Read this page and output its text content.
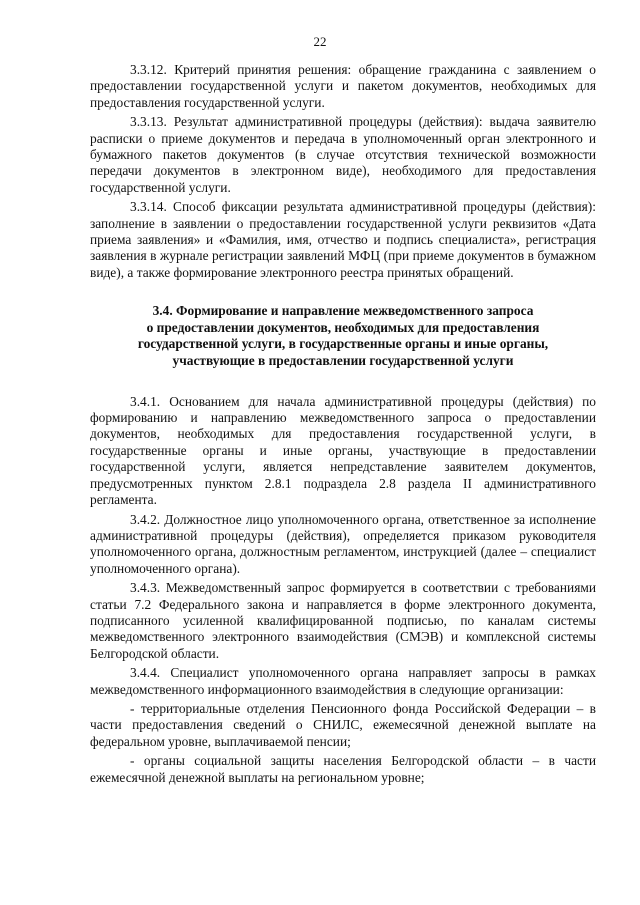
22

3.3.12. Критерий принятия решения: обращение гражданина с заявлением о предоставлении государственной услуги и пакетом документов, необходимых для предоставления государственной услуги.

3.3.13. Результат административной процедуры (действия): выдача заявителю расписки о приеме документов и передача в уполномоченный орган электронного и бумажного пакетов документов (в случае отсутствия технической возможности передачи документов в электронном виде), необходимого для предоставления государственной услуги.

3.3.14. Способ фиксации результата административной процедуры (действия): заполнение в заявлении о предоставлении государственной услуги реквизитов «Дата приема заявления» и «Фамилия, имя, отчество и подпись специалиста», регистрация заявления в журнале регистрации заявлений МФЦ (при приеме документов в бумажном виде), а также формирование электронного реестра принятых обращений.

3.4. Формирование и направление межведомственного запроса
о предоставлении документов, необходимых для предоставления
государственной услуги, в государственные органы и иные органы,
участвующие в предоставлении государственной услуги

3.4.1. Основанием для начала административной процедуры (действия) по формированию и направлению межведомственного запроса о предоставлении документов, необходимых для предоставления государственной услуги, в государственные органы и иные органы, участвующие в предоставлении государственной услуги, является непредставление заявителем документов, предусмотренных пунктом 2.8.1 подраздела 2.8 раздела II административного регламента.

3.4.2. Должностное лицо уполномоченного органа, ответственное за исполнение административной процедуры (действия), определяется приказом руководителя уполномоченного органа, должностным регламентом, инструкцией (далее – специалист уполномоченного органа).

3.4.3. Межведомственный запрос формируется в соответствии с требованиями статьи 7.2 Федерального закона и направляется в форме электронного документа, подписанного усиленной квалифицированной подписью, по каналам системы межведомственного электронного взаимодействия (СМЭВ) и комплексной системы Белгородской области.

3.4.4. Специалист уполномоченного органа направляет запросы в рамках межведомственного информационного взаимодействия в следующие организации:

- территориальные отделения Пенсионного фонда Российской Федерации – в части предоставления сведений о СНИЛС, ежемесячной денежной выплате на федеральном уровне, выплачиваемой пенсии;

- органы социальной защиты населения Белгородской области – в части ежемесячной денежной выплаты на региональном уровне;
